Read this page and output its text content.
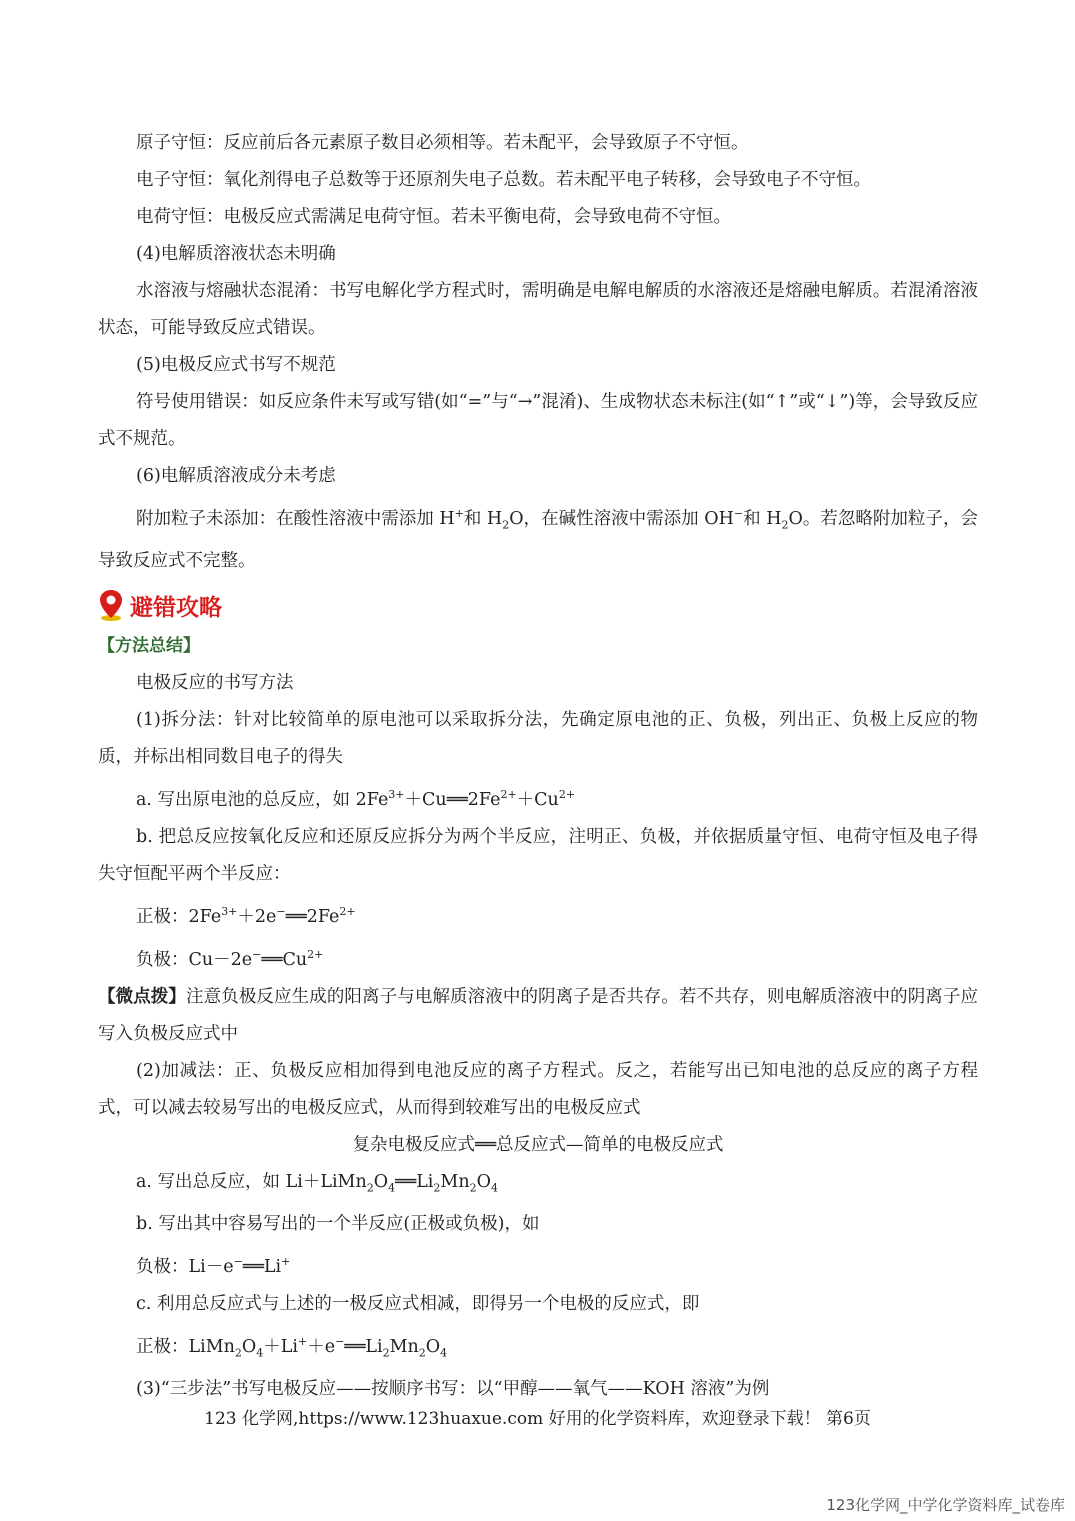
原子守恒：反应前后各元素原子数目必须相等。若未配平，会导致原子不守恒。
电子守恒：氧化剂得电子总数等于还原剂失电子总数。若未配平电子转移，会导致电子不守恒。
电荷守恒：电极反应式需满足电荷守恒。若未平衡电荷，会导致电荷不守恒。
(4)电解质溶液状态未明确
水溶液与熔融状态混淆：书写电解化学方程式时，需明确是电解电解质的水溶液还是熔融电解质。若混淆溶液状态，可能导致反应式错误。
(5)电极反应式书写不规范
符号使用错误：如反应条件未写或写错(如“=”与“→”混淆)、生成物状态未标注(如“↑”或“↓”)等，会导致反应式不规范。
(6)电解质溶液成分未考虑
附加粒子未添加：在酸性溶液中需添加 H+和 $H_2O$，在碱性溶液中需添加 OH−和 $H_2O$。若忽略附加粒子，会导致反应式不完整。
避错攻略
【方法总结】
电极反应的书写方法
(1)拆分法：针对比较简单的原电池可以采取拆分法，先确定原电池的正、负极，列出正、负极上反应的物质，并标出相同数目电子的得失
a. 写出原电池的总反应，如 $2Fe^{3+}+Cu══2Fe^{2+}+Cu^{2+}$
b. 把总反应按氧化反应和还原反应拆分为两个半反应，注明正、负极，并依据质量守恒、电荷守恒及电子得失守恒配平两个半反应：
正极：$2Fe^{3+}+2e^-══2Fe^{2+}$
负极：$Cu-2e^-══Cu^{2+}$
【微点拨】注意负极反应生成的阳离子与电解质溶液中的阴离子是否共存。若不共存，则电解质溶液中的阴离子应写入负极反应式中
(2)加减法：正、负极反应相加得到电池反应的离子方程式。反之，若能写出已知电池的总反应的离子方程式，可以减去较易写出的电极反应式，从而得到较难写出的电极反应式
复杂电极反应式══总反应式—简单的电极反应式
a. 写出总反应，如 $Li+LiMn_2O_4══Li_2Mn_2O_4$
b. 写出其中容易写出的一个半反应(正极或负极)，如
负极：Li－e−══Li+
c. 利用总反应式与上述的一极反应式相减，即得另一个电极的反应式，即
正极：$LiMn_2O_4+Li^++e^-══Li_2Mn_2O_4$
(3)“三步法”书写电极反应——按顺序书写：以“甲醇——氧气——KOH 溶液”为例
123 化学网,https://www.123huaxue.com 好用的化学资料库，欢迎登录下载！ 第6页
123化学网_中学化学资料库_试卷库
